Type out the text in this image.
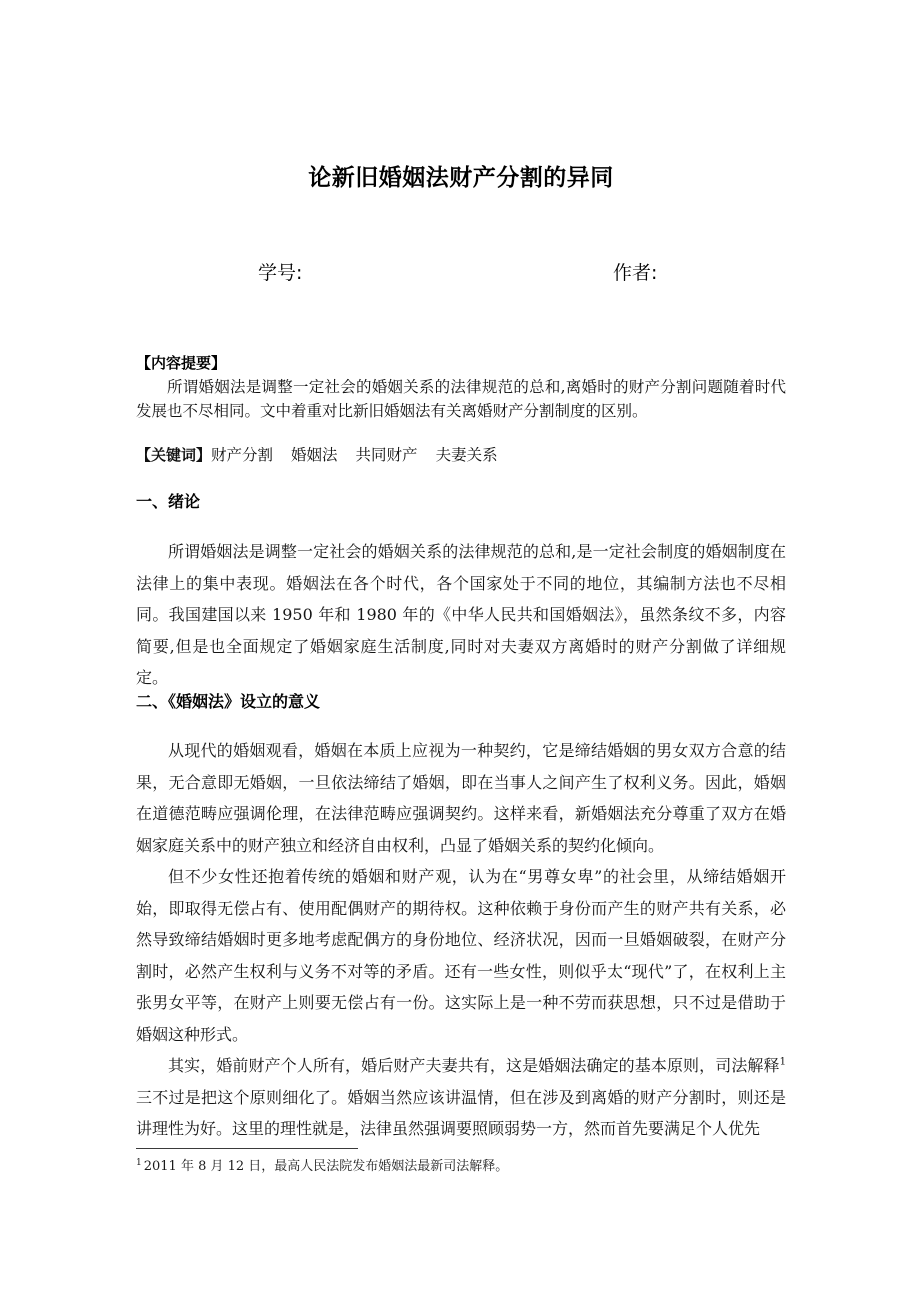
论新旧婚姻法财产分割的异同
学号:	作者:
【内容提要】

所谓婚姻法是调整一定社会的婚姻关系的法律规范的总和,离婚时的财产分割问题随着时代发展也不尽相同。文中着重对比新旧婚姻法有关离婚财产分割制度的区别。

【关键词】财产分割 婚姻法 共同财产 夫妻关系
一、绪论

所谓婚姻法是调整一定社会的婚姻关系的法律规范的总和,是一定社会制度的婚姻制度在法律上的集中表现。婚姻法在各个时代，各个国家处于不同的地位，其编制方法也不尽相同。我国建国以来 1950 年和 1980 年的《中华人民共和国婚姻法》，虽然条纹不多，内容简要,但是也全面规定了婚姻家庭生活制度,同时对夫妻双方离婚时的财产分割做了详细规定。

二、《婚姻法》设立的意义

从现代的婚姻观看，婚姻在本质上应视为一种契约，它是缔结婚姻的男女双方合意的结果，无合意即无婚姻，一旦依法缔结了婚姻，即在当事人之间产生了权利义务。因此，婚姻在道德范畴应强调伦理，在法律范畴应强调契约。这样来看，新婚姻法充分尊重了双方在婚姻家庭关系中的财产独立和经济自由权利，凸显了婚姻关系的契约化倾向。

但不少女性还抱着传统的婚姻和财产观，认为在“男尊女卑”的社会里，从缔结婚姻开始，即取得无偿占有、使用配偶财产的期待权。这种依赖于身份而产生的财产共有关系，必然导致缔结婚姻时更多地考虑配偶方的身份地位、经济状况，因而一旦婚姻破裂，在财产分割时，必然产生权利与义务不对等的矛盾。还有一些女性，则似乎太“现代”了，在权利上主张男女平等，在财产上则要无偿占有一份。这实际上是一种不劳而获思想，只不过是借助于婚姻这种形式。

其实，婚前财产个人所有，婚后财产夫妻共有，这是婚姻法确定的基本原则，司法解释$^1$三不过是把这个原则细化了。婚姻当然应该讲温情，但在涉及到离婚的财产分割时，则还是讲理性为好。这里的理性就是，法律虽然强调要照顾弱势一方，然而首先要满足个人优先

$^1$ 2011 年 8 月 12 日，最高人民法院发布婚姻法最新司法解释。
